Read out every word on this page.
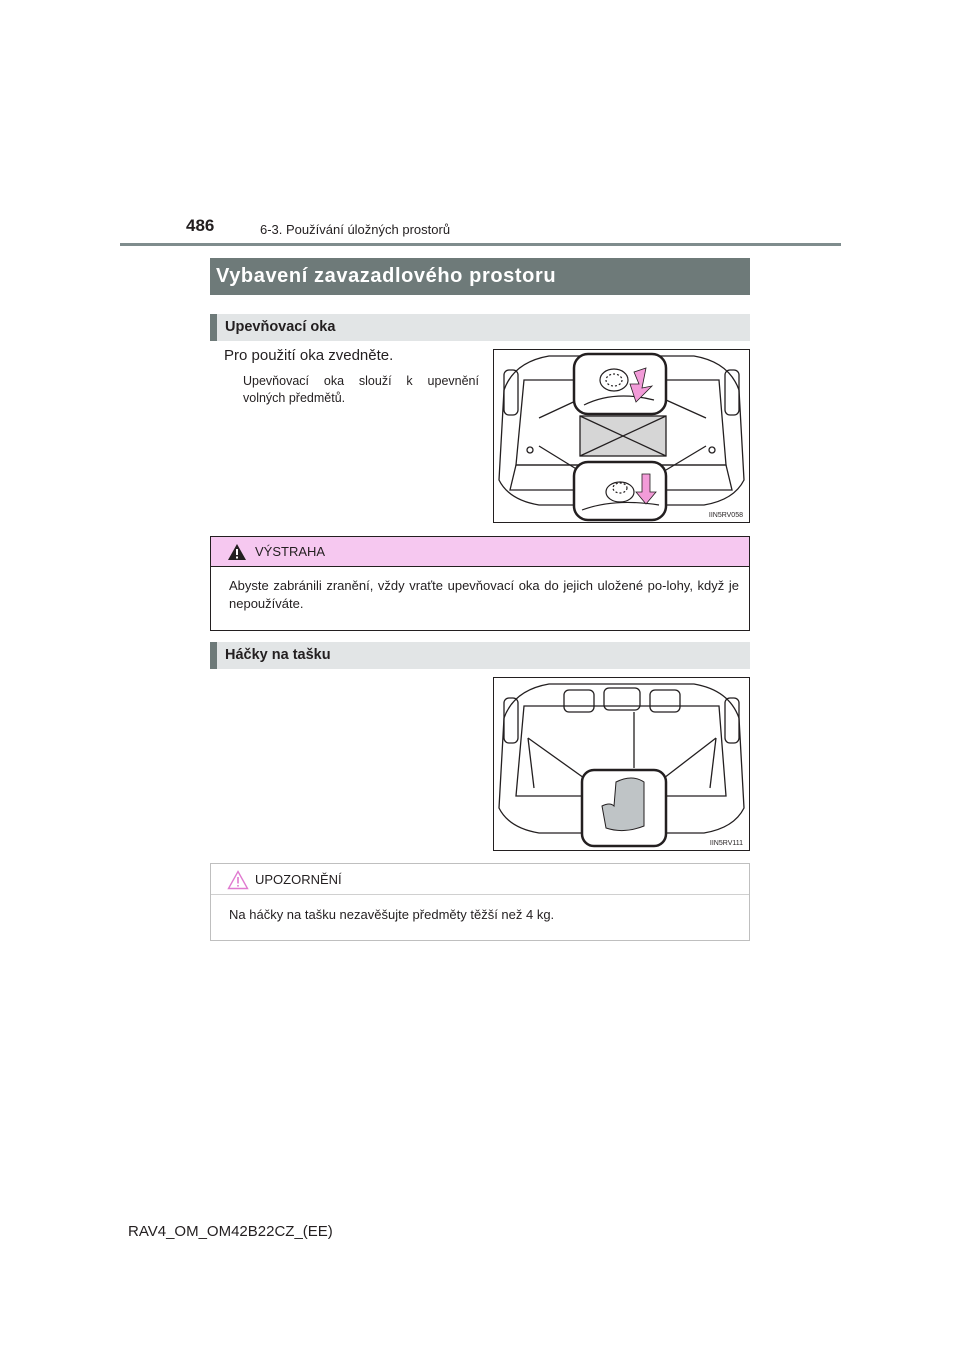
486	6-3. Používání úložných prostorů
Vybavení zavazadlového prostoru
Upevňovací oka
Pro použití oka zvedněte.
Upevňovací oka slouží k upevnění volných předmětů.
IIN5RV058
VÝSTRAHA
Abyste zabránili zranění, vždy vraťte upevňovací oka do jejich uložené po-lohy, když je nepoužíváte.
Háčky na tašku
IIN5RV111
UPOZORNĚNÍ
Na háčky na tašku nezavěšujte předměty těžší než 4 kg.
RAV4_OM_OM42B22CZ_(EE)
